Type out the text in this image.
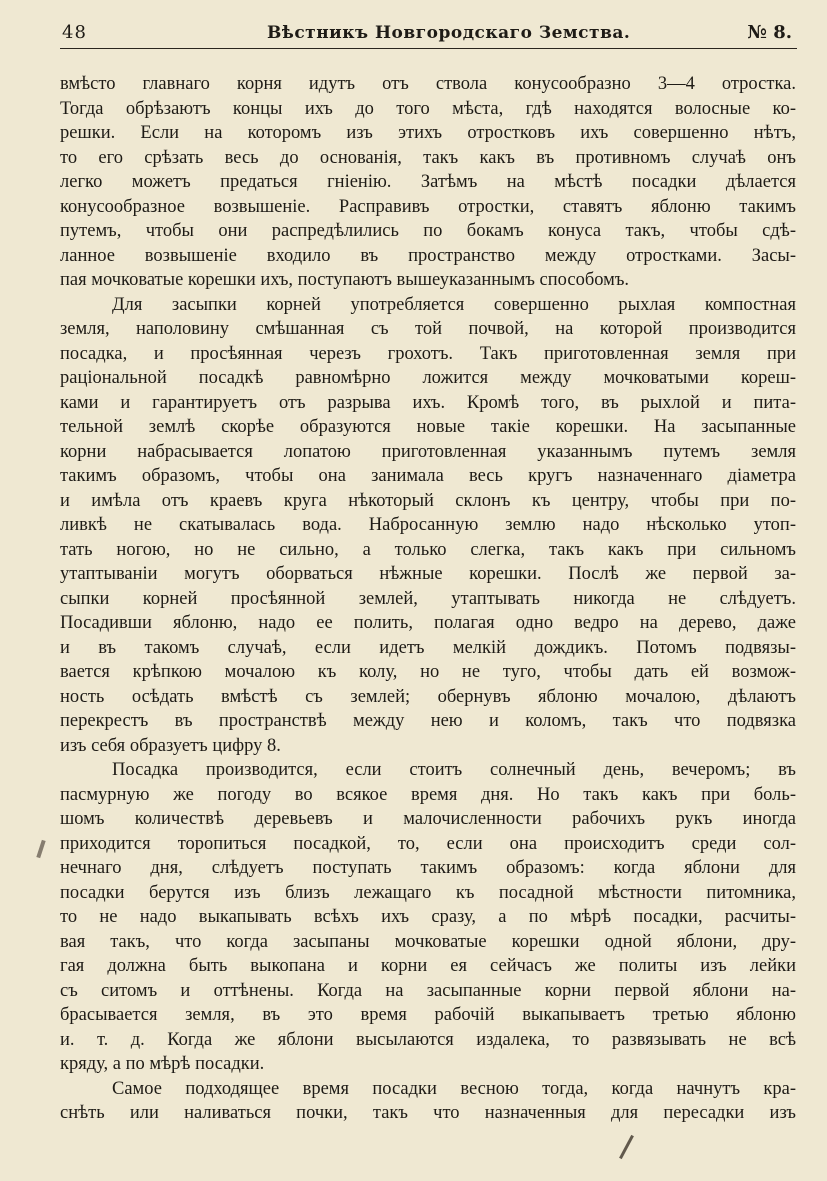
48	Вѣстникъ Новгородскаго Земства.	№ 8.
вмѣсто главнаго корня идутъ отъ ствола конусообразно 3—4 отростка.
Тогда обрѣзаютъ концы ихъ до того мѣста, гдѣ находятся волосные ко-
решки. Если на которомъ изъ этихъ отростковъ ихъ совершенно нѣтъ,
то его срѣзать весь до основанія, такъ какъ въ противномъ случаѣ онъ
легко можетъ предаться гніенію. Затѣмъ на мѣстѣ посадки дѣлается
конусообразное возвышеніе. Расправивъ отростки, ставятъ яблоню такимъ
путемъ, чтобы они распредѣлились по бокамъ конуса такъ, чтобы сдѣ-
ланное возвышеніе входило въ пространство между отростками. Засы-
пая мочковатые корешки ихъ, поступаютъ вышеуказаннымъ способомъ.
Для засыпки корней употребляется совершенно рыхлая компостная
земля, наполовину смѣшанная съ той почвой, на которой производится
посадка, и просѣянная черезъ грохотъ. Такъ приготовленная земля при
раціональной посадкѣ равномѣрно ложится между мочковатыми кореш-
ками и гарантируетъ отъ разрыва ихъ. Кромѣ того, въ рыхлой и пита-
тельной землѣ скорѣе образуются новые такіе корешки. На засыпанные
корни набрасывается лопатою приготовленная указаннымъ путемъ земля
такимъ образомъ, чтобы она занимала весь кругъ назначеннаго діаметра
и имѣла отъ краевъ круга нѣкоторый склонъ къ центру, чтобы при по-
ливкѣ не скатывалась вода. Набросанную землю надо нѣсколько утоп-
тать ногою, но не сильно, а только слегка, такъ какъ при сильномъ
утаптываніи могутъ оборваться нѣжные корешки. Послѣ же первой за-
сыпки корней просѣянной землей, утаптывать никогда не слѣдуетъ.
Посадивши яблоню, надо ее полить, полагая одно ведро на дерево, даже
и въ такомъ случаѣ, если идетъ мелкій дождикъ. Потомъ подвязы-
вается крѣпкою мочалою къ колу, но не туго, чтобы дать ей возмож-
ность осѣдать вмѣстѣ съ землей; обернувъ яблоню мочалою, дѣлаютъ
перекрестъ въ пространствѣ между нею и коломъ, такъ что подвязка
изъ себя образуетъ цифру 8.
Посадка производится, если стоитъ солнечный день, вечеромъ; въ
пасмурную же погоду во всякое время дня. Но такъ какъ при боль-
шомъ количествѣ деревьевъ и малочисленности рабочихъ рукъ иногда
приходится торопиться посадкой, то, если она происходитъ среди сол-
нечнаго дня, слѣдуетъ поступать такимъ образомъ: когда яблони для
посадки берутся изъ близъ лежащаго къ посадной мѣстности питомника,
то не надо выкапывать всѣхъ ихъ сразу, а по мѣрѣ посадки, расчиты-
вая такъ, что когда засыпаны мочковатые корешки одной яблони, дру-
гая должна быть выкопана и корни ея сейчасъ же политы изъ лейки
съ ситомъ и оттѣнены. Когда на засыпанные корни первой яблони на-
брасывается земля, въ это время рабочій выкапываетъ третью яблоню
и. т. д. Когда же яблони высылаются издалека, то развязывать не всѣ
кряду, а по мѣрѣ посадки.
Самое подходящее время посадки весною тогда, когда начнутъ кра-
снѣть или наливаться почки, такъ что назначенныя для пересадки изъ
